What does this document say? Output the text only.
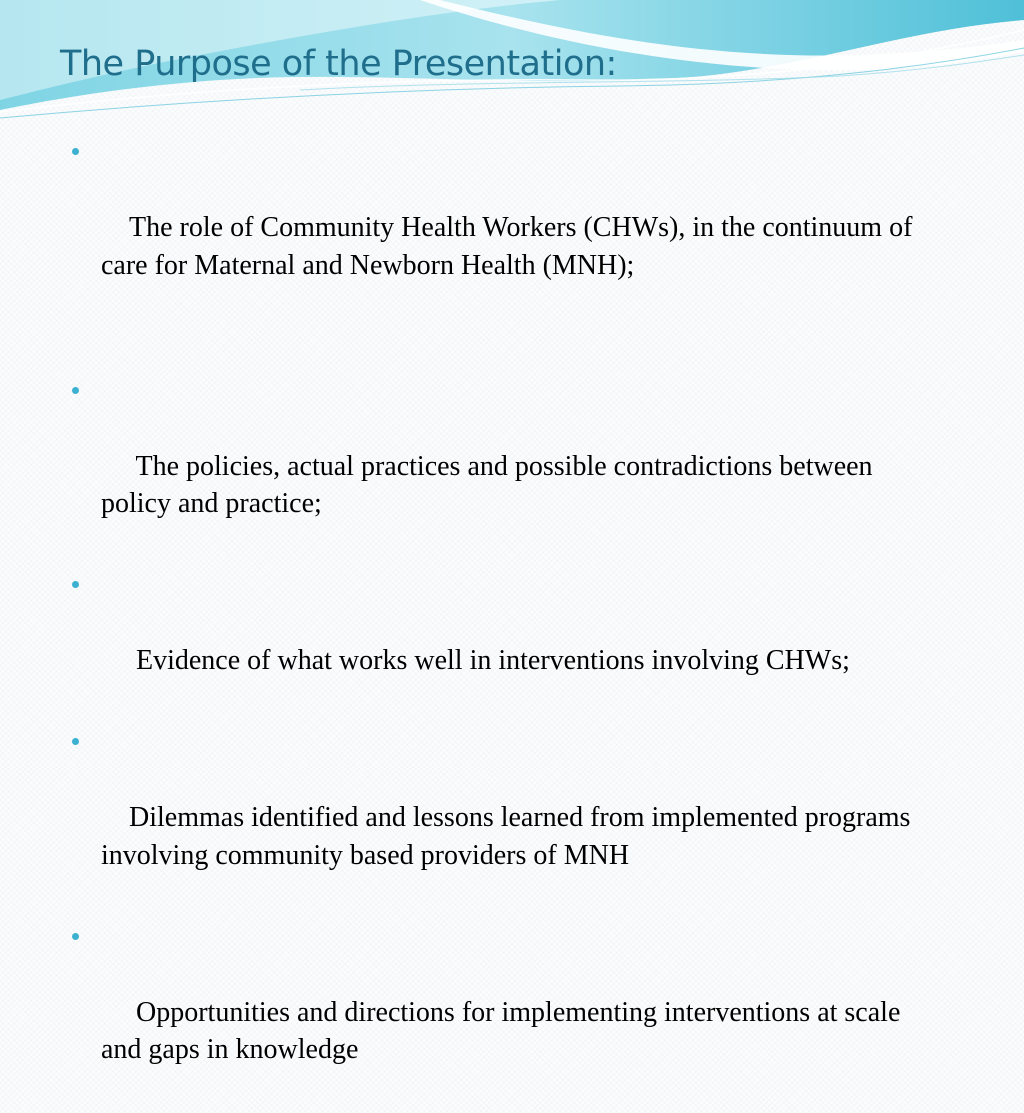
The Purpose of the Presentation:

The role of Community Health Workers (CHWs), in the continuum of care for Maternal and Newborn Health (MNH);

The policies, actual practices and possible contradictions between policy and practice;

Evidence of what works well in interventions involving CHWs;

Dilemmas identified and lessons learned from implemented programs involving community based providers of MNH

Opportunities and directions for implementing interventions at scale and gaps in knowledge
